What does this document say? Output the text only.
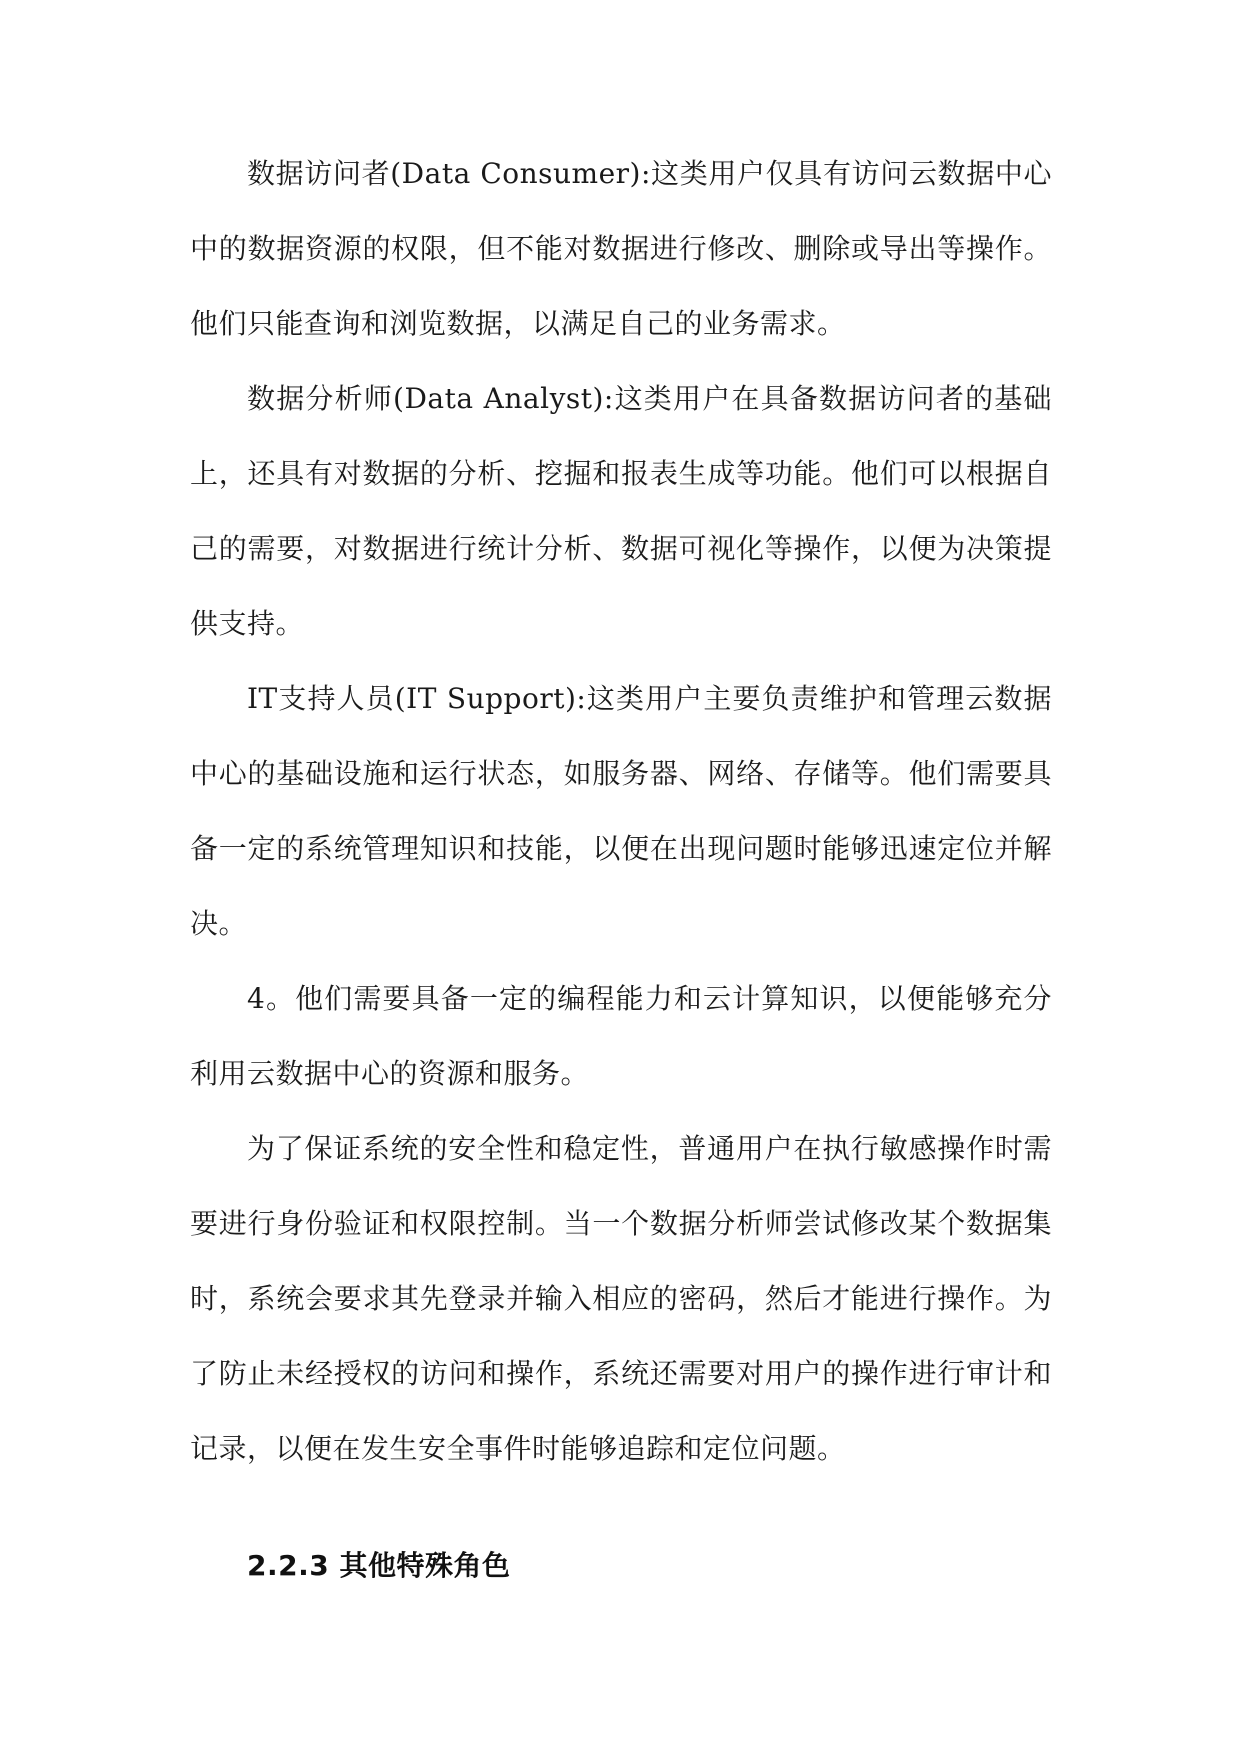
数据访问者(Data Consumer):这类用户仅具有访问云数据中心中的数据资源的权限，但不能对数据进行修改、删除或导出等操作。他们只能查询和浏览数据，以满足自己的业务需求。

数据分析师(Data Analyst):这类用户在具备数据访问者的基础上，还具有对数据的分析、挖掘和报表生成等功能。他们可以根据自己的需要，对数据进行统计分析、数据可视化等操作，以便为决策提供支持。

IT支持人员(IT Support):这类用户主要负责维护和管理云数据中心的基础设施和运行状态，如服务器、网络、存储等。他们需要具备一定的系统管理知识和技能，以便在出现问题时能够迅速定位并解决。

4。他们需要具备一定的编程能力和云计算知识，以便能够充分利用云数据中心的资源和服务。

为了保证系统的安全性和稳定性，普通用户在执行敏感操作时需要进行身份验证和权限控制。当一个数据分析师尝试修改某个数据集时，系统会要求其先登录并输入相应的密码，然后才能进行操作。为了防止未经授权的访问和操作，系统还需要对用户的操作进行审计和记录，以便在发生安全事件时能够追踪和定位问题。

2.2.3 其他特殊角色
